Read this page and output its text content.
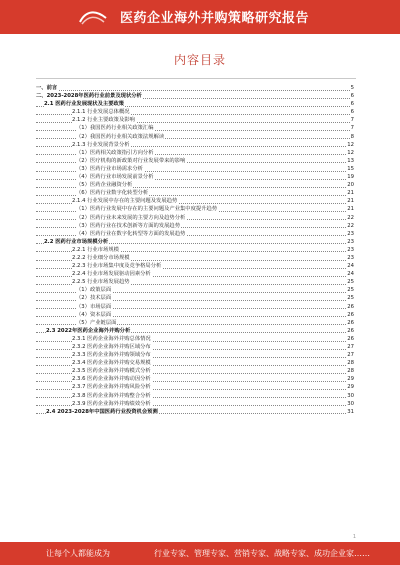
医药企业海外并购策略研究报告
内容目录
一、前言	5
二、2023-2028年医药行业前景及现状分析	6
2.1 医药行业发展现状及主要政策	6
2.1.1 行业发展总体概况	6
2.1.2 行业主要政策及影响	7
（1）我国医药行业相关政策汇编	7
（2）我国医药行业相关政策法规解读	8
2.1.3 行业发展背景分析	12
（1）医药相关政策指引方向分析	12
（2）医疗机构的新政策对行业发展带来的影响	13
（3）医药行业市场需求分析	15
（4）医药行业市场发展前景分析	19
（5）医药企业融资分析	20
（6）医药行业数字化转型分析	21
2.1.4 行业发展中存在的主要问题及发展趋势	21
（1）医药行业发展中存在的主要问题及产业集中度提升趋势	21
（2）医药行业未来发展的主要方向及趋势分析	22
（3）医药行业在技术创新等方面的发展趋势	22
（4）医药行业在数字化转型等方面的发展趋势	23
2.2 医药行业市场规模分析	23
2.2.1 行业市场规模	23
2.2.2 行业细分市场规模	23
2.2.3 行业市场集中度及竞争格局分析	24
2.2.4 行业市场发展驱动因素分析	24
2.2.5 行业市场发展趋势	25
（1）政策层面	25
（2）技术层面	25
（3）市场层面	26
（4）资本层面	26
（5）产业链层面	26
2.3 2022年医药企业海外并购分析	26
2.3.1 医药企业海外并购总体情况	26
2.3.2 医药企业海外并购区域分布	27
2.3.3 医药企业海外并购领域分布	27
2.3.4 医药企业海外并购交易规模	28
2.3.5 医药企业海外并购模式分析	28
2.3.6 医药企业海外并购动因分析	29
2.3.7 医药企业海外并购风险分析	29
2.3.8 医药企业海外并购整合分析	30
2.3.9 医药企业海外并购绩效分析	30
2.4 2023-2028年中国医药行业投资机会预测	31
1
让每个人都能成为	行业专家、管理专家、营销专家、战略专家、成功企业家……
